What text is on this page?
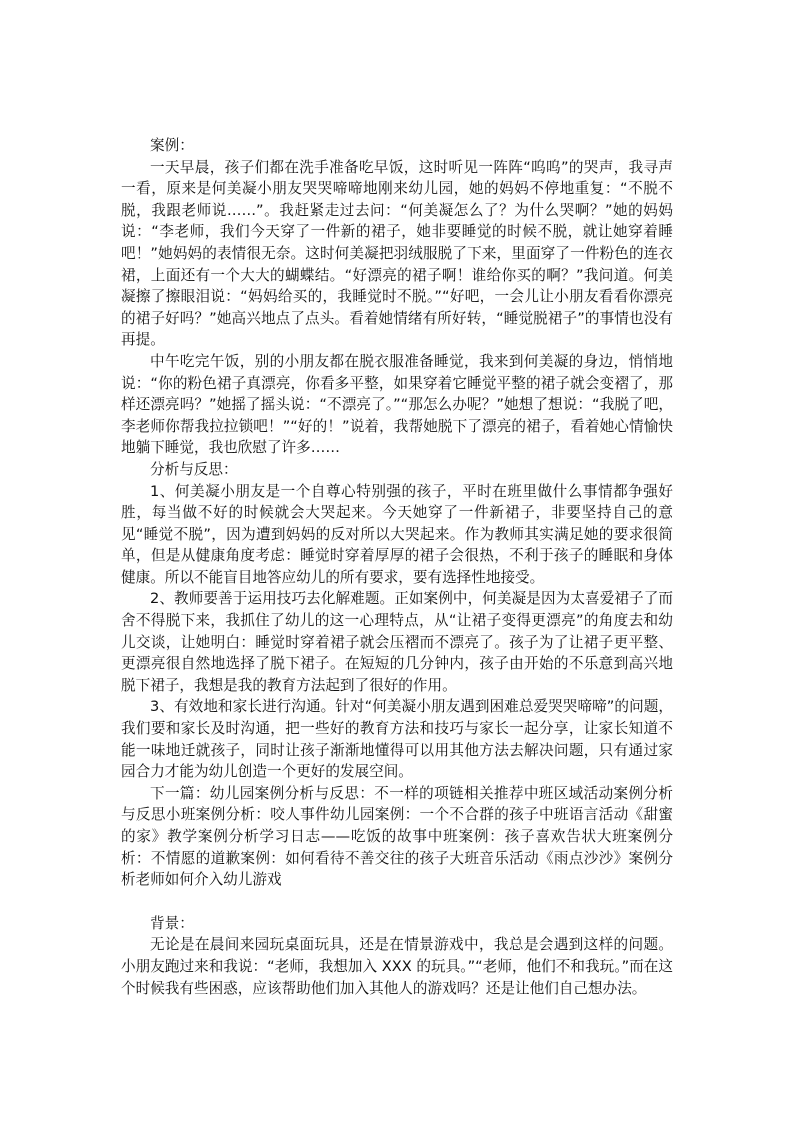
案例：

一天早晨，孩子们都在洗手准备吃早饭，这时听见一阵阵“呜呜”的哭声，我寻声一看，原来是何美凝小朋友哭哭啼啼地刚来幼儿园，她的妈妈不停地重复：“不脱不脱，我跟老师说……”。我赶紧走过去问：“何美凝怎么了？为什么哭啊？”她的妈妈说：“李老师，我们今天穿了一件新的裙子，她非要睡觉的时候不脱，就让她穿着睡吧！”她妈妈的表情很无奈。这时何美凝把羽绒服脱了下来，里面穿了一件粉色的连衣裙，上面还有一个大大的蝴蝶结。“好漂亮的裙子啊！谁给你买的啊？”我问道。何美凝擦了擦眼泪说：“妈妈给买的，我睡觉时不脱。”“好吧，一会儿让小朋友看看你漂亮的裙子好吗？”她高兴地点了点头。看着她情绪有所好转，“睡觉脱裙子”的事情也没有再提。

中午吃完午饭，别的小朋友都在脱衣服准备睡觉，我来到何美凝的身边，悄悄地说：“你的粉色裙子真漂亮，你看多平整，如果穿着它睡觉平整的裙子就会变褶了，那样还漂亮吗？”她摇了摇头说：“不漂亮了。”“那怎么办呢？”她想了想说：“我脱了吧，李老师你帮我拉拉锁吧！”“好的！”说着，我帮她脱下了漂亮的裙子，看着她心情愉快地躺下睡觉，我也欣慰了许多……

分析与反思：

1、何美凝小朋友是一个自尊心特别强的孩子，平时在班里做什么事情都争强好胜，每当做不好的时候就会大哭起来。今天她穿了一件新裙子，非要坚持自己的意见“睡觉不脱”，因为遭到妈妈的反对所以大哭起来。作为教师其实满足她的要求很简单，但是从健康角度考虑：睡觉时穿着厚厚的裙子会很热，不利于孩子的睡眠和身体健康。所以不能盲目地答应幼儿的所有要求，要有选择性地接受。

2、教师要善于运用技巧去化解难题。正如案例中，何美凝是因为太喜爱裙子了而舍不得脱下来，我抓住了幼儿的这一心理特点，从“让裙子变得更漂亮”的角度去和幼儿交谈，让她明白：睡觉时穿着裙子就会压褶而不漂亮了。孩子为了让裙子更平整、更漂亮很自然地选择了脱下裙子。在短短的几分钟内，孩子由开始的不乐意到高兴地脱下裙子，我想是我的教育方法起到了很好的作用。

3、有效地和家长进行沟通。针对“何美凝小朋友遇到困难总爱哭哭啼啼”的问题，我们要和家长及时沟通，把一些好的教育方法和技巧与家长一起分享，让家长知道不能一味地迁就孩子，同时让孩子渐渐地懂得可以用其他方法去解决问题，只有通过家园合力才能为幼儿创造一个更好的发展空间。

下一篇：幼儿园案例分析与反思：不一样的项链相关推荐中班区域活动案例分析与反思小班案例分析：咬人事件幼儿园案例：一个不合群的孩子中班语言活动《甜蜜的家》教学案例分析学习日志——吃饭的故事中班案例：孩子喜欢告状大班案例分析：不情愿的道歉案例：如何看待不善交往的孩子大班音乐活动《雨点沙沙》案例分析老师如何介入幼儿游戏

背景：

无论是在晨间来园玩桌面玩具，还是在情景游戏中，我总是会遇到这样的问题。小朋友跑过来和我说：“老师，我想加入 XXX 的玩具。”“老师，他们不和我玩。”而在这个时候我有些困惑，应该帮助他们加入其他人的游戏吗？还是让他们自己想办法。
